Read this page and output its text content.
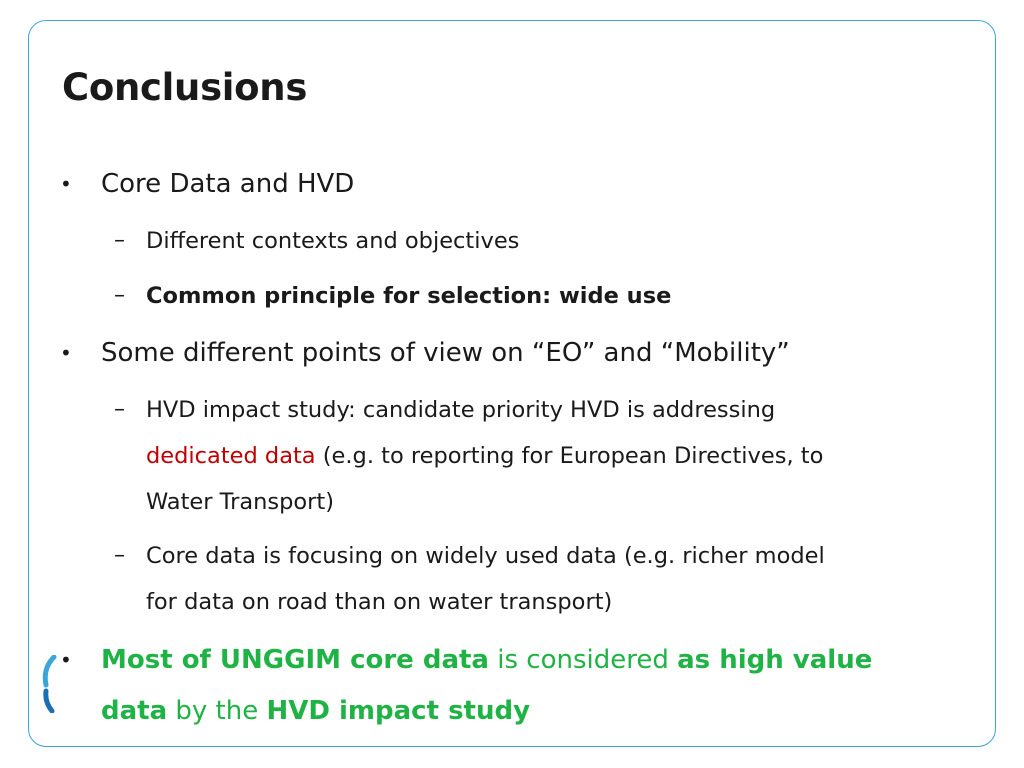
Conclusions
• Core Data and HVD
– Different contexts and objectives
– Common principle for selection: wide use
• Some different points of view on “EO” and “Mobility”
– HVD impact study: candidate priority HVD is addressing
dedicated data (e.g. to reporting for European Directives, to
Water Transport)
– Core data is focusing on widely used data (e.g. richer model
for data on road than on water transport)
• Most of UNGGIM core data is considered as high value
data by the HVD impact study
